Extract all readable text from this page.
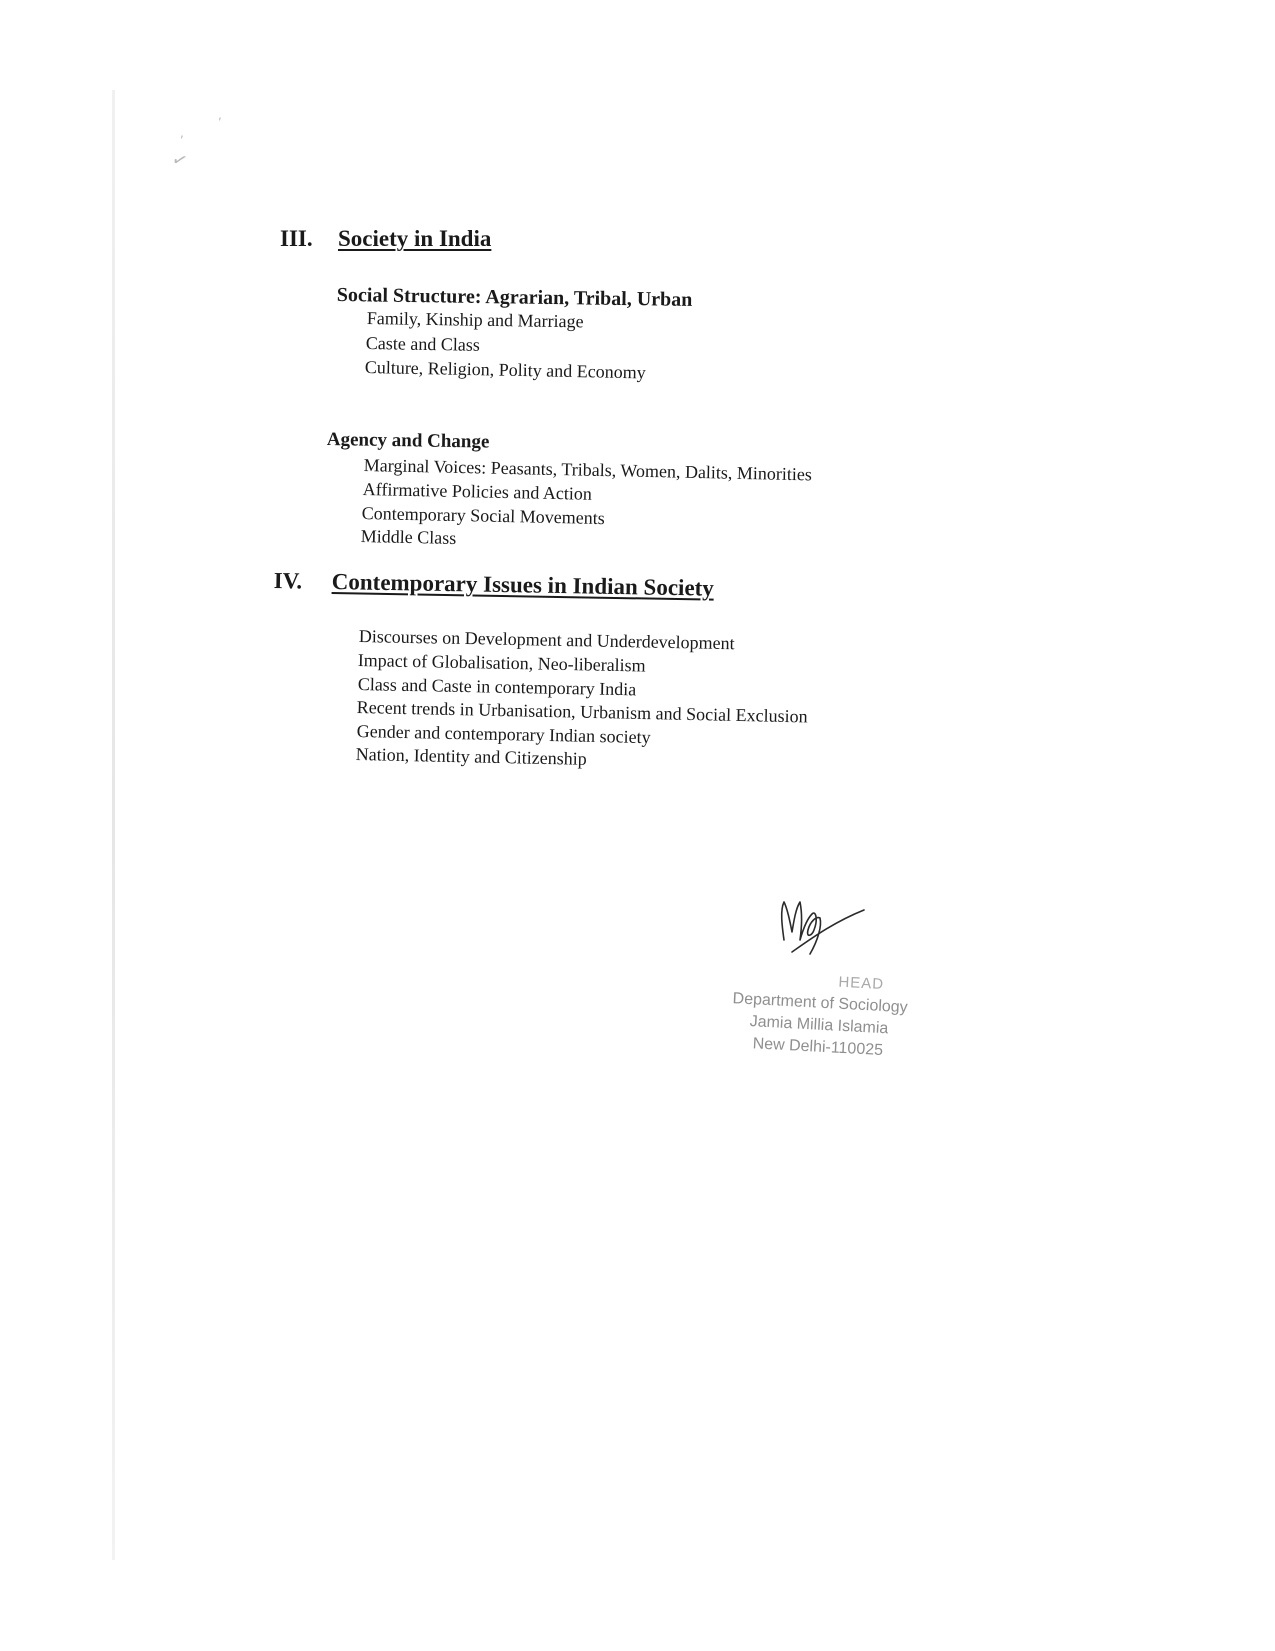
,
,
✓
III. Society in India
Social Structure: Agrarian, Tribal, Urban
Family, Kinship and Marriage
Caste and Class
Culture, Religion, Polity and Economy
Agency and Change
Marginal Voices: Peasants, Tribals, Women, Dalits, Minorities
Affirmative Policies and Action
Contemporary Social Movements
Middle Class
IV. Contemporary Issues in Indian Society
Discourses on Development and Underdevelopment
Impact of Globalisation, Neo-liberalism
Class and Caste in contemporary India
Recent trends in Urbanisation, Urbanism and Social Exclusion
Gender and contemporary Indian society
Nation, Identity and Citizenship
HEAD
Department of Sociology
Jamia Millia Islamia
New Delhi-110025
